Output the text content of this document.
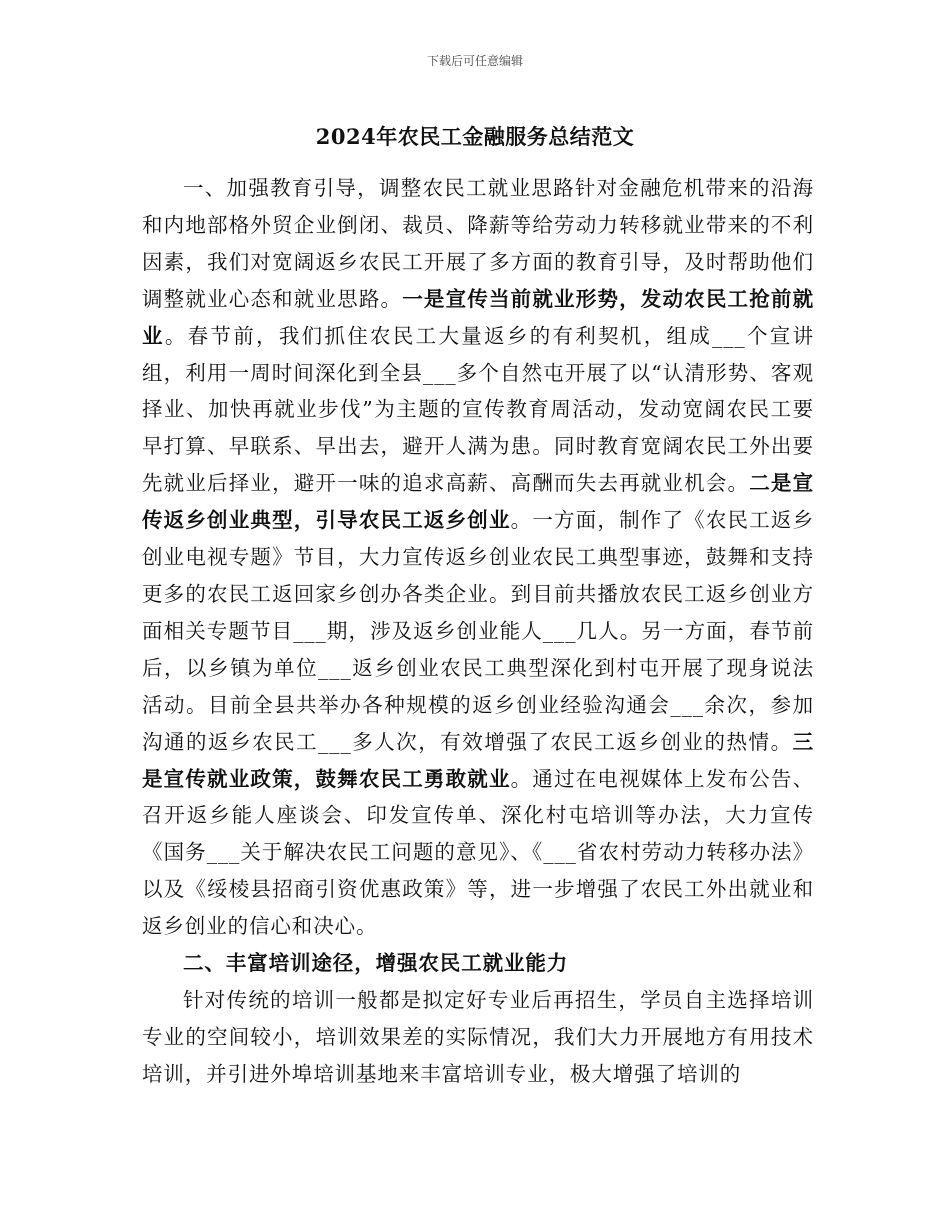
下载后可任意编辑
2024年农民工金融服务总结范文

一、加强教育引导，调整农民工就业思路针对金融危机带来的沿海和内地部格外贸企业倒闭、裁员、降薪等给劳动力转移就业带来的不利因素，我们对宽阔返乡农民工开展了多方面的教育引导，及时帮助他们调整就业心态和就业思路。一是宣传当前就业形势，发动农民工抢前就业。春节前，我们抓住农民工大量返乡的有利契机，组成___个宣讲组，利用一周时间深化到全县___多个自然屯开展了以“认清形势、客观择业、加快再就业步伐”为主题的宣传教育周活动，发动宽阔农民工要早打算、早联系、早出去，避开人满为患。同时教育宽阔农民工外出要先就业后择业，避开一味的追求高薪、高酬而失去再就业机会。二是宣传返乡创业典型，引导农民工返乡创业。一方面，制作了《农民工返乡创业电视专题》节目，大力宣传返乡创业农民工典型事迹，鼓舞和支持更多的农民工返回家乡创办各类企业。到目前共播放农民工返乡创业方面相关专题节目___期，涉及返乡创业能人___几人。另一方面，春节前后，以乡镇为单位___返乡创业农民工典型深化到村屯开展了现身说法活动。目前全县共举办各种规模的返乡创业经验沟通会___余次，参加沟通的返乡农民工___多人次，有效增强了农民工返乡创业的热情。三是宣传就业政策，鼓舞农民工勇敢就业。通过在电视媒体上发布公告、召开返乡能人座谈会、印发宣传单、深化村屯培训等办法，大力宣传《国务___关于解决农民工问题的意见》、《___省农村劳动力转移办法》以及《绥棱县招商引资优惠政策》等，进一步增强了农民工外出就业和返乡创业的信心和决心。

二、丰富培训途径，增强农民工就业能力

针对传统的培训一般都是拟定好专业后再招生，学员自主选择培训专业的空间较小，培训效果差的实际情况，我们大力开展地方有用技术培训，并引进外埠培训基地来丰富培训专业，极大增强了培训的
